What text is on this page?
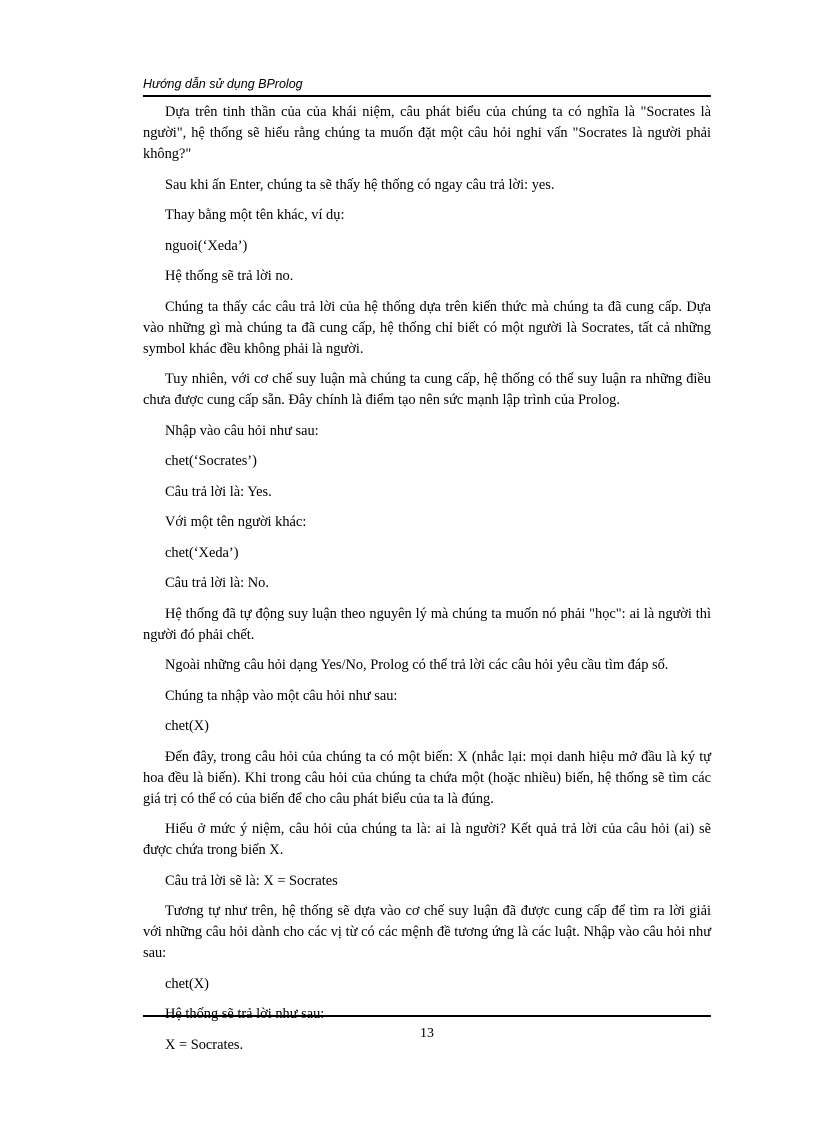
Hướng dẫn sử dụng BProlog

Dựa trên tinh thần của của khái niệm, câu phát biểu của chúng ta có nghĩa là "Socrates là người", hệ thống sẽ hiểu rằng chúng ta muốn đặt một câu hỏi nghi vấn "Socrates là người phải không?"

Sau khi ấn Enter, chúng ta sẽ thấy hệ thống có ngay câu trả lời: yes.

Thay bằng một tên khác, ví dụ:

nguoi(‘Xeda’)

Hệ thống sẽ trả lời no.

Chúng ta thấy các câu trả lời của hệ thống dựa trên kiến thức mà chúng ta đã cung cấp. Dựa vào những gì mà chúng ta đã cung cấp, hệ thống chỉ biết có một người là Socrates, tất cả những symbol khác đều không phải là người.

Tuy nhiên, với cơ chế suy luận mà chúng ta cung cấp, hệ thống có thể suy luận ra những điều chưa được cung cấp sẵn. Đây chính là điểm tạo nên sức mạnh lập trình của Prolog.

Nhập vào câu hỏi như sau:

chet(‘Socrates’)

Câu trả lời là: Yes.

Với một tên người khác:

chet(‘Xeda’)

Câu trả lời là: No.

Hệ thống đã tự động suy luận theo nguyên lý mà chúng ta muốn nó phải "học": ai là người thì người đó phải chết.

Ngoài những câu hỏi dạng Yes/No, Prolog có thể trả lời các câu hỏi yêu cầu tìm đáp số.

Chúng ta nhập vào một câu hỏi như sau:

chet(X)

Đến đây, trong câu hỏi của chúng ta có một biến: X (nhắc lại: mọi danh hiệu mở đầu là ký tự hoa đều là biến). Khi trong câu hỏi của chúng ta chứa một (hoặc nhiều) biến, hệ thống sẽ tìm các giá trị có thể có của biến để cho câu phát biểu của ta là đúng.

Hiểu ở mức ý niệm, câu hỏi của chúng ta là: ai là người? Kết quả trả lời của câu hỏi (ai) sẽ được chứa trong biến X.

Câu trả lời sẽ là: X = Socrates

Tương tự như trên, hệ thống sẽ dựa vào cơ chế suy luận đã được cung cấp để tìm ra lời giải với những câu hỏi dành cho các vị từ có các mệnh đề tương ứng là các luật. Nhập vào câu hỏi như sau:

chet(X)

Hệ thống sẽ trả lời như sau:

X = Socrates.

13
